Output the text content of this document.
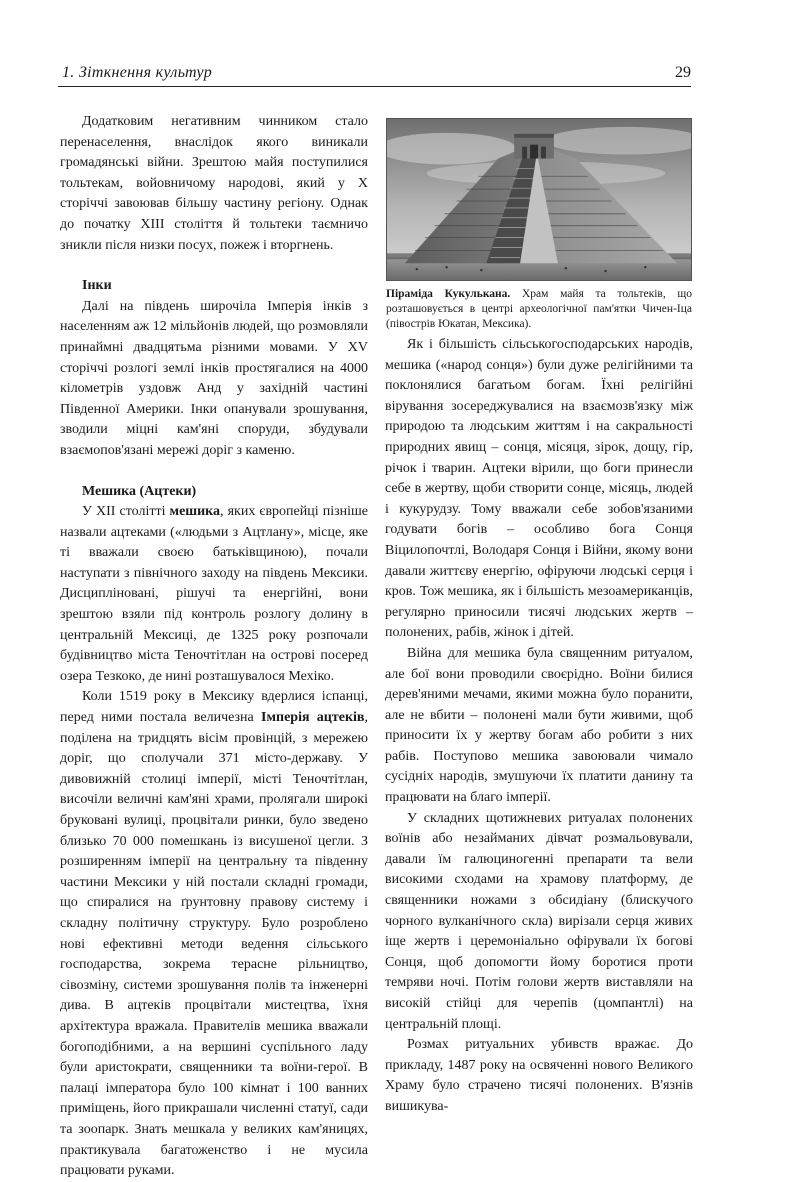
1. Зіткнення культур	29

Додатковим негативним чинником стало перенаселення, внаслідок якого виникали громадянські війни. Зрештою майя поступилися тольтекам, войовничому народові, який у Х сторіччі завоював більшу частину регіону. Однак до початку XIII століття й тольтеки таємничо зникли після низки посух, пожеж і вторгнень.

Інки

Далі на південь широчіла Імперія інків з населенням аж 12 мільйонів людей, що розмовляли принаймні двадцятьма різними мовами. У XV сторіччі розлогі землі інків простягалися на 4000 кілометрів уздовж Анд у західній частині Південної Америки. Інки опанували зрошування, зводили міцні кам'яні споруди, збудували взаємопов'язані мережі доріг з каменю.

Мешика (Ацтеки)

У XII столітті мешика, яких європейці пізніше назвали ацтеками («людьми з Ацтлану», місце, яке ті вважали своєю батьківщиною), почали наступати з північного заходу на південь Мексики. Дисципліновані, рішучі та енергійні, вони зрештою взяли під контроль розлогу долину в центральній Мексиці, де 1325 року розпочали будівництво міста Теночтітлан на острові посеред озера Тезкоко, де нині розташувалося Мехіко.

Коли 1519 року в Мексику вдерлися іспанці, перед ними постала величезна Імперія ацтеків, поділена на тридцять вісім провінцій, з мережею доріг, що сполучали 371 місто-державу. У дивовижній столиці імперії, місті Теночтітлан, височіли величні кам'яні храми, пролягали широкі бруковані вулиці, процвітали ринки, було зведено близько 70 000 помешкань із висушеної цегли. З розширенням імперії на центральну та південну частини Мексики у ній постали складні громади, що спиралися на ґрунтовну правову систему і складну політичну структуру. Було розроблено нові ефективні методи ведення сільського господарства, зокрема терасне рільництво, сівозміну, системи зрошування полів та інженерні дива. В ацтеків процвітали мистецтва, їхня архітектура вражала. Правителів мешика вважали богоподібними, а на вершині суспільного ладу були аристократи, священники та воїни-герої. В палаці імператора було 100 кімнат і 100 ванних приміщень, його прикрашали численні статуї, сади та зоопарк. Знать мешкала у великих кам'яницях, практикувала багатоженство і не мусила працювати руками.

Піраміда Кукулькана. Храм майя та тольтеків, що розташовується в центрі археологічної пам'ятки Чичен-Іца (півострів Юкатан, Мексика).

Як і більшість сільськогосподарських народів, мешика («народ сонця») були дуже релігійними та поклонялися багатьом богам. Їхні релігійні вірування зосереджувалися на взаємозв'язку між природою та людським життям і на сакральності природних явищ – сонця, місяця, зірок, дощу, гір, річок і тварин. Ацтеки вірили, що боги принесли себе в жертву, щоби створити сонце, місяць, людей і кукурудзу. Тому вважали себе зобов'язаними годувати богів – особливо бога Сонця Віцилопочтлі, Володаря Сонця і Війни, якому вони давали життєву енергію, офіруючи людські серця і кров. Тож мешика, як і більшість мезоамериканців, регулярно приносили тисячі людських жертв – полонених, рабів, жінок і дітей.

Війна для мешика була священним ритуалом, але бої вони проводили своєрідно. Воїни билися дерев'яними мечами, якими можна було поранити, але не вбити – полонені мали бути живими, щоб приносити їх у жертву богам або робити з них рабів. Поступово мешика завоювали чимало сусідніх народів, змушуючи їх платити данину та працювати на благо імперії.

У складних щотижневих ритуалах полонених воїнів або незайманих дівчат розмальовували, давали їм галюциногенні препарати та вели високими сходами на храмову платформу, де священники ножами з обсидіану (блискучого чорного вулканічного скла) вирізали серця живих іще жертв і церемоніально офірували їх богові Сонця, щоб допомогти йому боротися проти темряви ночі. Потім голови жертв виставляли на високій стійці для черепів (цомпантлі) на центральній площі.

Розмах ритуальних убивств вражає. До прикладу, 1487 року на освяченні нового Великого Храму було страчено тисячі полонених. В'язнів вишикува-
